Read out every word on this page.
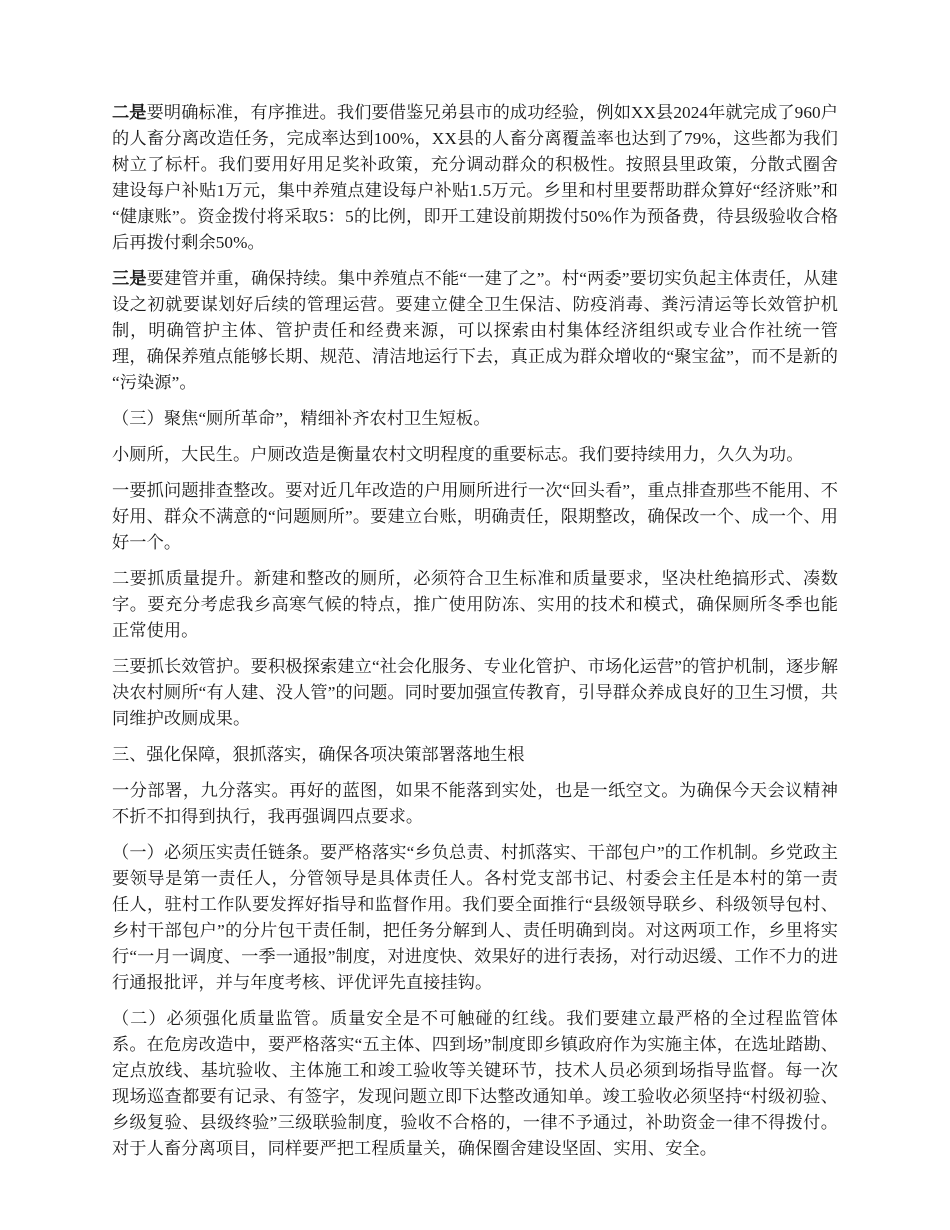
二是要明确标准，有序推进。我们要借鉴兄弟县市的成功经验，例如XX县2024年就完成了960户的人畜分离改造任务，完成率达到100%，XX县的人畜分离覆盖率也达到了79%，这些都为我们树立了标杆。我们要用好用足奖补政策，充分调动群众的积极性。按照县里政策，分散式圈舍建设每户补贴1万元，集中养殖点建设每户补贴1.5万元。乡里和村里要帮助群众算好“经济账”和“健康账”。资金拨付将采取5：5的比例，即开工建设前期拨付50%作为预备费，待县级验收合格后再拨付剩余50%。

三是要建管并重，确保持续。集中养殖点不能“一建了之”。村“两委”要切实负起主体责任，从建设之初就要谋划好后续的管理运营。要建立健全卫生保洁、防疫消毒、粪污清运等长效管护机制，明确管护主体、管护责任和经费来源，可以探索由村集体经济组织或专业合作社统一管理，确保养殖点能够长期、规范、清洁地运行下去，真正成为群众增收的“聚宝盆”，而不是新的“污染源”。

（三）聚焦“厕所革命”，精细补齐农村卫生短板。

小厕所，大民生。户厕改造是衡量农村文明程度的重要标志。我们要持续用力，久久为功。

一要抓问题排查整改。要对近几年改造的户用厕所进行一次“回头看”，重点排查那些不能用、不好用、群众不满意的“问题厕所”。要建立台账，明确责任，限期整改，确保改一个、成一个、用好一个。

二要抓质量提升。新建和整改的厕所，必须符合卫生标准和质量要求，坚决杜绝搞形式、凑数字。要充分考虑我乡高寒气候的特点，推广使用防冻、实用的技术和模式，确保厕所冬季也能正常使用。

三要抓长效管护。要积极探索建立“社会化服务、专业化管护、市场化运营”的管护机制，逐步解决农村厕所“有人建、没人管”的问题。同时要加强宣传教育，引导群众养成良好的卫生习惯，共同维护改厕成果。

三、强化保障，狠抓落实，确保各项决策部署落地生根

一分部署，九分落实。再好的蓝图，如果不能落到实处，也是一纸空文。为确保今天会议精神不折不扣得到执行，我再强调四点要求。

（一）必须压实责任链条。要严格落实“乡负总责、村抓落实、干部包户”的工作机制。乡党政主要领导是第一责任人，分管领导是具体责任人。各村党支部书记、村委会主任是本村的第一责任人，驻村工作队要发挥好指导和监督作用。我们要全面推行“县级领导联乡、科级领导包村、乡村干部包户”的分片包干责任制，把任务分解到人、责任明确到岗。对这两项工作，乡里将实行“一月一调度、一季一通报”制度，对进度快、效果好的进行表扬，对行动迟缓、工作不力的进行通报批评，并与年度考核、评优评先直接挂钩。

（二）必须强化质量监管。质量安全是不可触碰的红线。我们要建立最严格的全过程监管体系。在危房改造中，要严格落实“五主体、四到场”制度即乡镇政府作为实施主体，在选址踏勘、定点放线、基坑验收、主体施工和竣工验收等关键环节，技术人员必须到场指导监督。每一次现场巡查都要有记录、有签字，发现问题立即下达整改通知单。竣工验收必须坚持“村级初验、乡级复验、县级终验”三级联验制度，验收不合格的，一律不予通过，补助资金一律不得拨付。对于人畜分离项目，同样要严把工程质量关，确保圈舍建设坚固、实用、安全。
